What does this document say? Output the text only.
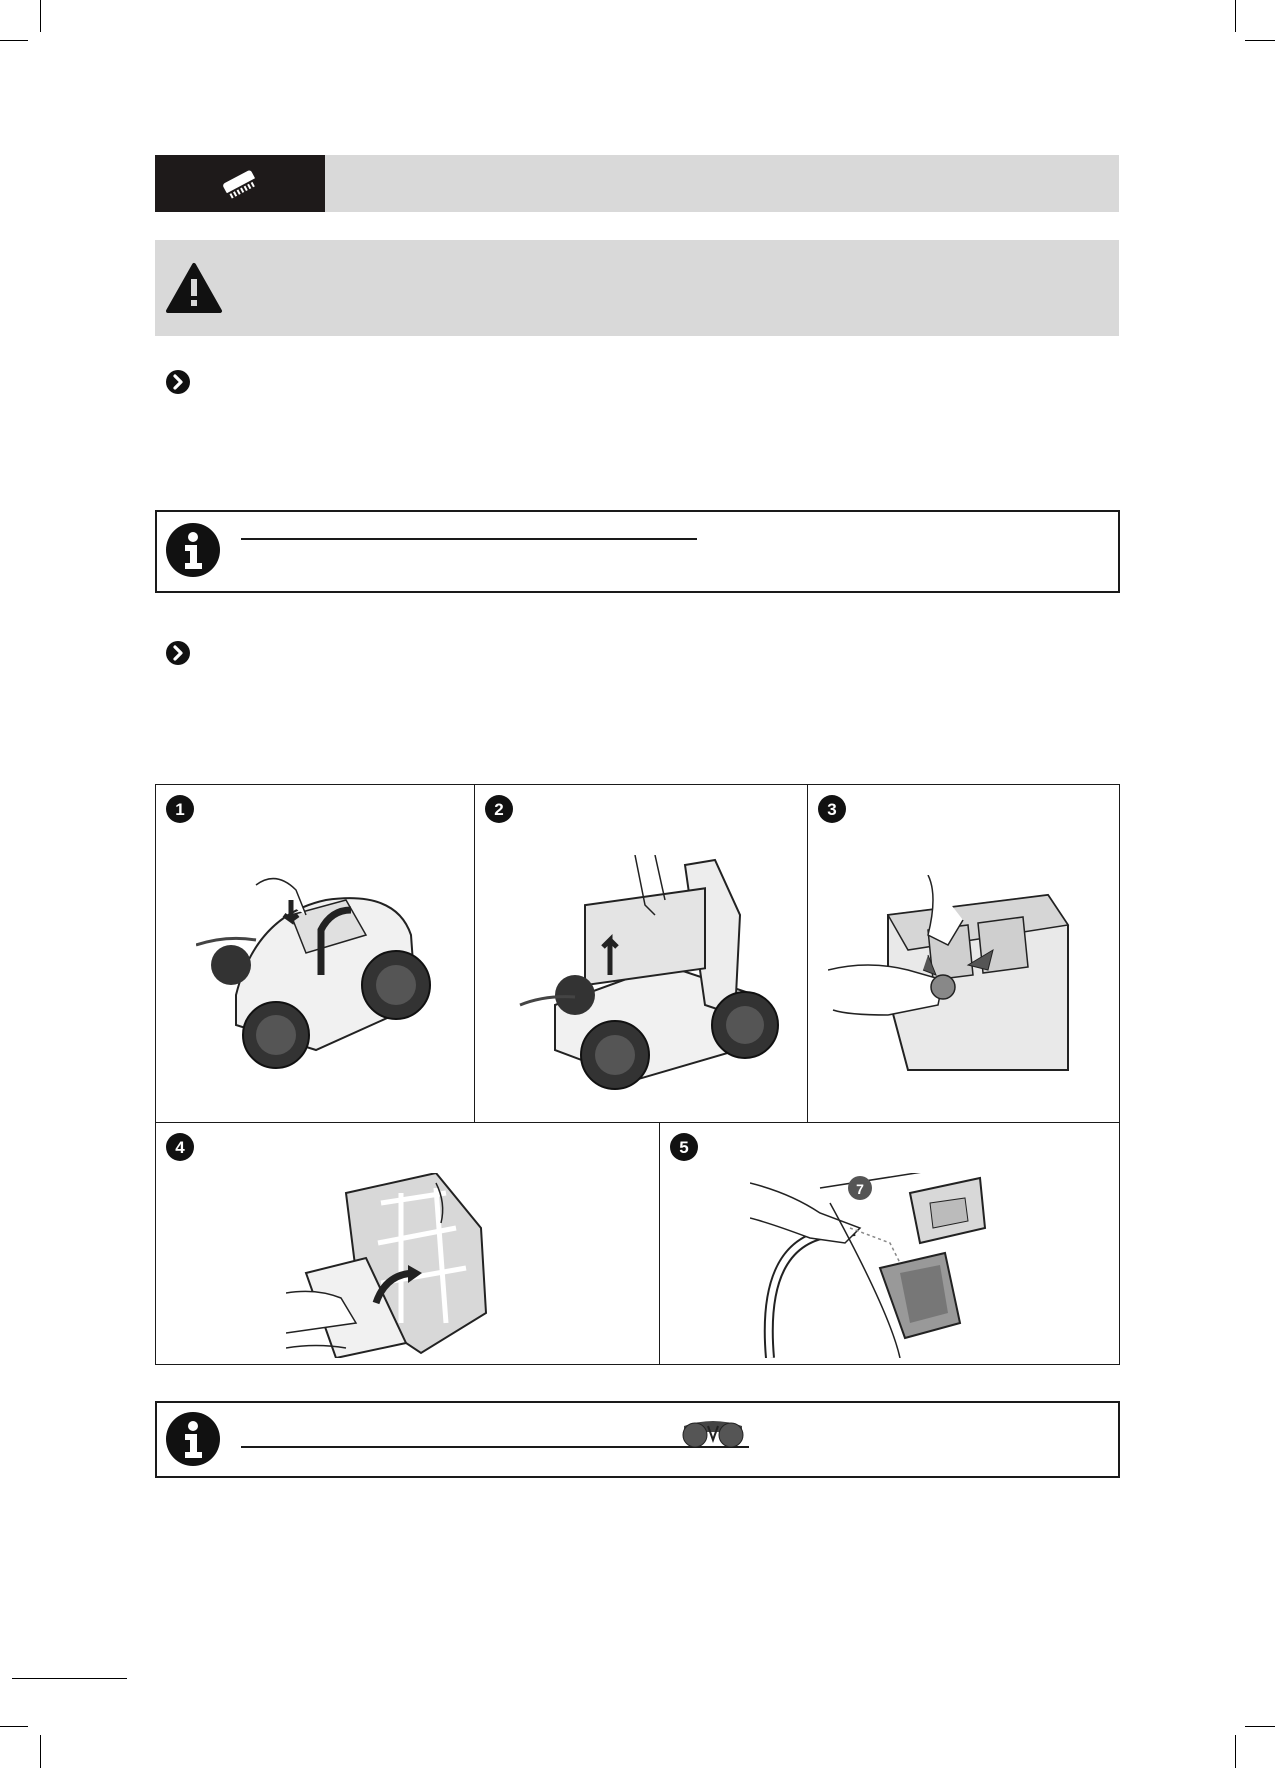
1	2	3
4	5
7
